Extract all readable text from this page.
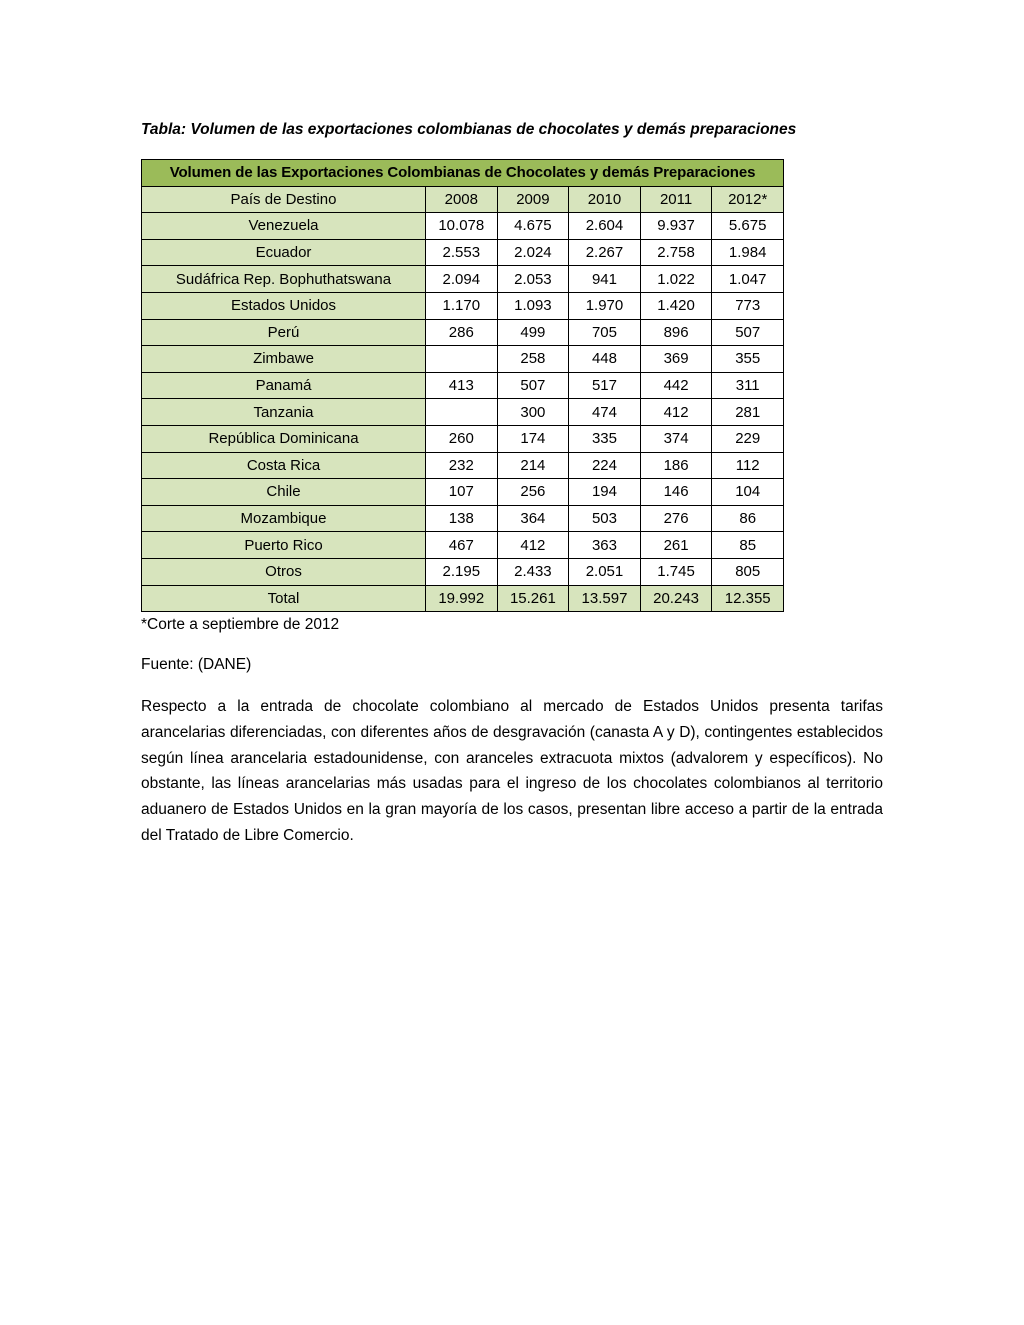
Tabla: Volumen de las exportaciones colombianas de chocolates y demás preparaciones

Volumen de las Exportaciones Colombianas de Chocolates y demás Preparaciones					
País de Destino	2008	2009	2010	2011	2012*
Venezuela	10.078	4.675	2.604	9.937	5.675
Ecuador	2.553	2.024	2.267	2.758	1.984
Sudáfrica Rep. Bophuthatswana	2.094	2.053	941	1.022	1.047
Estados Unidos	1.170	1.093	1.970	1.420	773
Perú	286	499	705	896	507
Zimbawe		258	448	369	355
Panamá	413	507	517	442	311
Tanzania		300	474	412	281
República Dominicana	260	174	335	374	229
Costa Rica	232	214	224	186	112
Chile	107	256	194	146	104
Mozambique	138	364	503	276	86
Puerto Rico	467	412	363	261	85
Otros	2.195	2.433	2.051	1.745	805
Total	19.992	15.261	13.597	20.243	12.355

*Corte a septiembre de 2012

Fuente: (DANE)

Respecto a la entrada de chocolate colombiano al mercado de Estados Unidos presenta tarifas arancelarias diferenciadas, con diferentes años de desgravación (canasta A y D), contingentes establecidos según línea arancelaria estadounidense, con aranceles extracuota mixtos (advalorem y específicos). No obstante, las líneas arancelarias más usadas para el ingreso de los chocolates colombianos al territorio aduanero de Estados Unidos en la gran mayoría de los casos, presentan libre acceso a partir de la entrada del Tratado de Libre Comercio.
